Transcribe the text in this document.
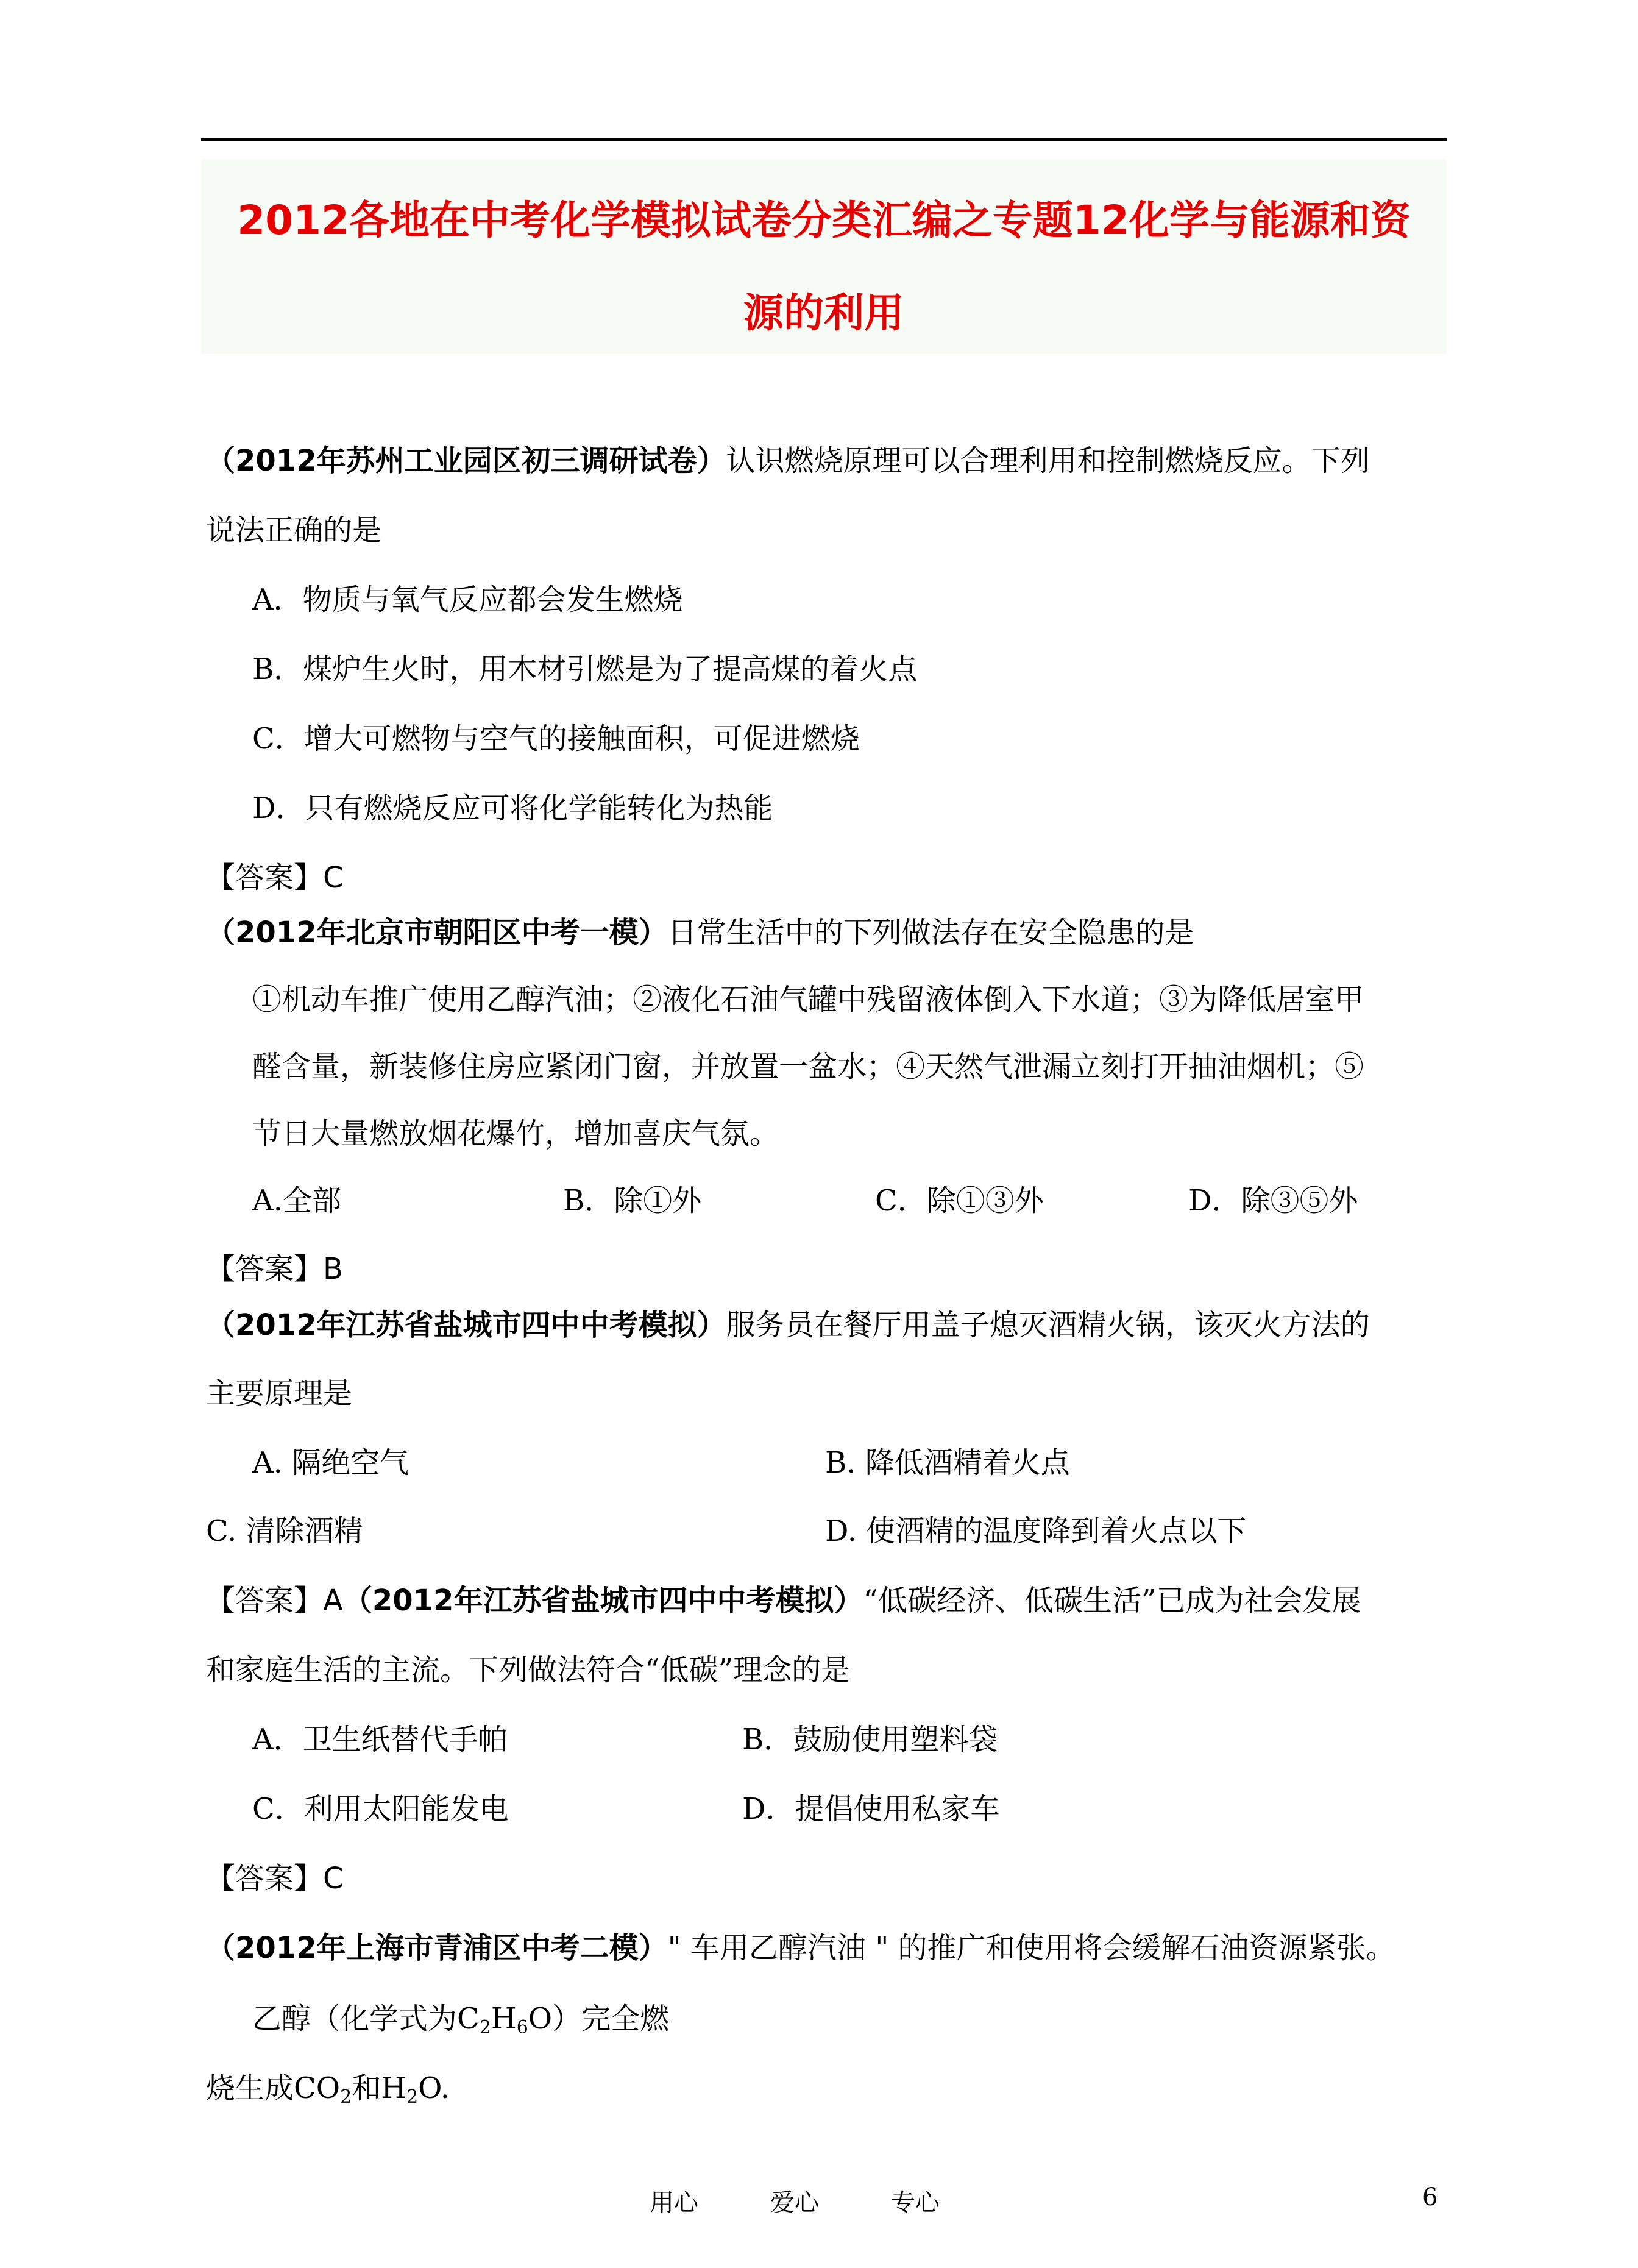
2012各地在中考化学模拟试卷分类汇编之专题12化学与能源和资
源的利用
（2012年苏州工业园区初三调研试卷）认识燃烧原理可以合理利用和控制燃烧反应。下列
说法正确的是
A．物质与氧气反应都会发生燃烧
B．煤炉生火时，用木材引燃是为了提高煤的着火点
C．增大可燃物与空气的接触面积，可促进燃烧
D．只有燃烧反应可将化学能转化为热能
【答案】C
（2012年北京市朝阳区中考一模）日常生活中的下列做法存在安全隐患的是
①机动车推广使用乙醇汽油；②液化石油气罐中残留液体倒入下水道；③为降低居室甲
醛含量，新装修住房应紧闭门窗，并放置一盆水；④天然气泄漏立刻打开抽油烟机；⑤
节日大量燃放烟花爆竹，增加喜庆气氛。
A.全部	B．除①外	C．除①③外	D．除③⑤外
【答案】B
（2012年江苏省盐城市四中中考模拟）服务员在餐厅用盖子熄灭酒精火锅，该灭火方法的
主要原理是
A. 隔绝空气	B. 降低酒精着火点
C. 清除酒精	D. 使酒精的温度降到着火点以下
【答案】A（2012年江苏省盐城市四中中考模拟）“低碳经济、低碳生活”已成为社会发展
和家庭生活的主流。下列做法符合“低碳”理念的是
A．卫生纸替代手帕	B．鼓励使用塑料袋
C．利用太阳能发电	D．提倡使用私家车
【答案】C
（2012年上海市青浦区中考二模）" 车用乙醇汽油 " 的推广和使用将会缓解石油资源紧张。
乙醇（化学式为$C_2H_6O$）完全燃
烧生成$CO_2$和$H_2O$.
用心	爱心	专心	6
